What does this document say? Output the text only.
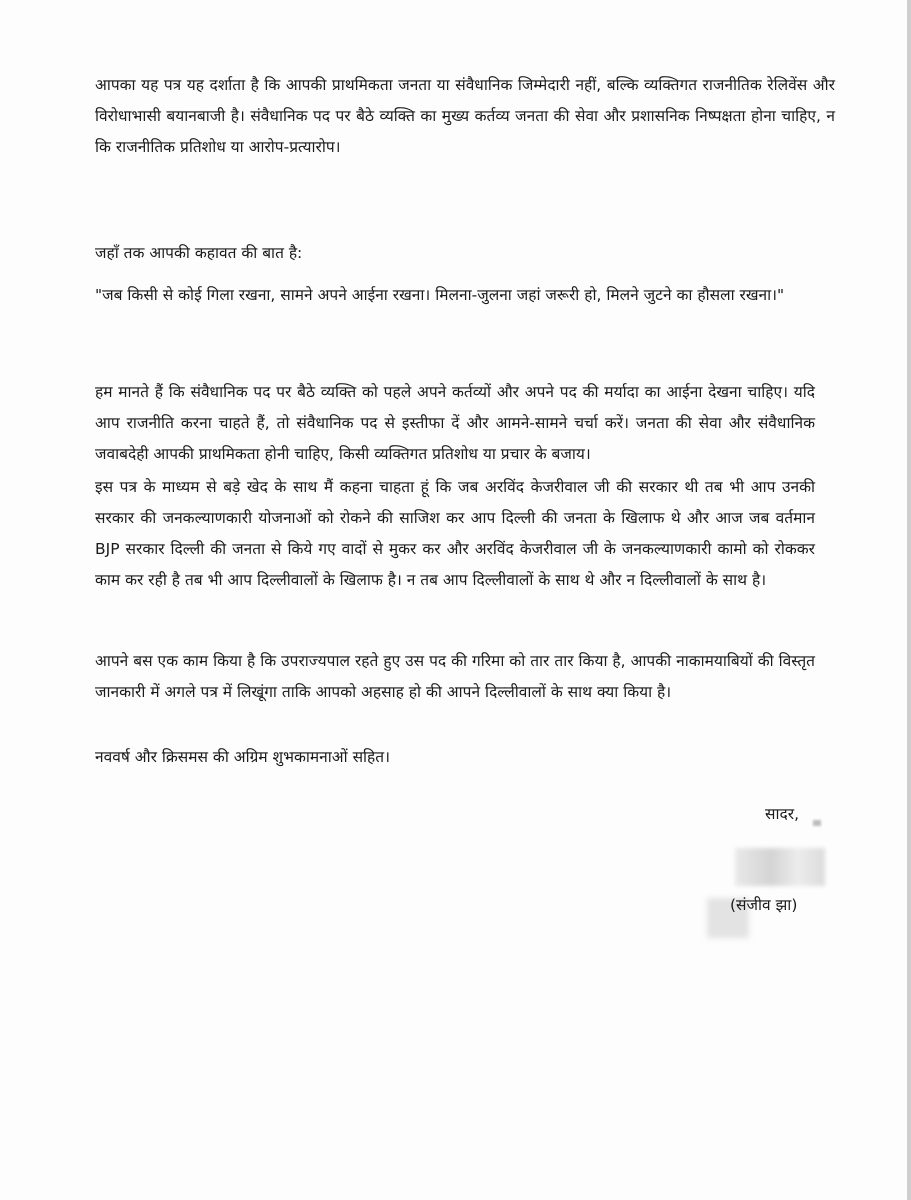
आपका यह पत्र यह दर्शाता है कि आपकी प्राथमिकता जनता या संवैधानिक जिम्मेदारी नहीं, बल्कि व्यक्तिगत राजनीतिक रेलिवेंस और विरोधाभासी बयानबाजी है। संवैधानिक पद पर बैठे व्यक्ति का मुख्य कर्तव्य जनता की सेवा और प्रशासनिक निष्पक्षता होना चाहिए, न कि राजनीतिक प्रतिशोध या आरोप-प्रत्यारोप।

जहाँ तक आपकी कहावत की बात है:

"जब किसी से कोई गिला रखना, सामने अपने आईना रखना। मिलना-जुलना जहां जरूरी हो, मिलने जुटने का हौसला रखना।"

हम मानते हैं कि संवैधानिक पद पर बैठे व्यक्ति को पहले अपने कर्तव्यों और अपने पद की मर्यादा का आईना देखना चाहिए। यदि आप राजनीति करना चाहते हैं, तो संवैधानिक पद से इस्तीफा दें और आमने-सामने चर्चा करें। जनता की सेवा और संवैधानिक जवाबदेही आपकी प्राथमिकता होनी चाहिए, किसी व्यक्तिगत प्रतिशोध या प्रचार के बजाय।

इस पत्र के माध्यम से बड़े खेद के साथ मैं कहना चाहता हूं कि जब अरविंद केजरीवाल जी की सरकार थी तब भी आप उनकी सरकार की जनकल्याणकारी योजनाओं को रोकने की साजिश कर आप दिल्ली की जनता के खिलाफ थे और आज जब वर्तमान BJP सरकार दिल्ली की जनता से किये गए वादों से मुकर कर और अरविंद केजरीवाल जी के जनकल्याणकारी कामो को रोककर काम कर रही है तब भी आप दिल्लीवालों के खिलाफ है। न तब आप दिल्लीवालों के साथ थे और न दिल्लीवालों के साथ है।

आपने बस एक काम किया है कि उपराज्यपाल रहते हुए उस पद की गरिमा को तार तार किया है, आपकी नाकामयाबियों की विस्तृत जानकारी में अगले पत्र में लिखूंगा ताकि आपको अहसाह हो की आपने दिल्लीवालों के साथ क्या किया है।

नववर्ष और क्रिसमस की अग्रिम शुभकामनाओं सहित।

सादर,
(संजीव झा)
